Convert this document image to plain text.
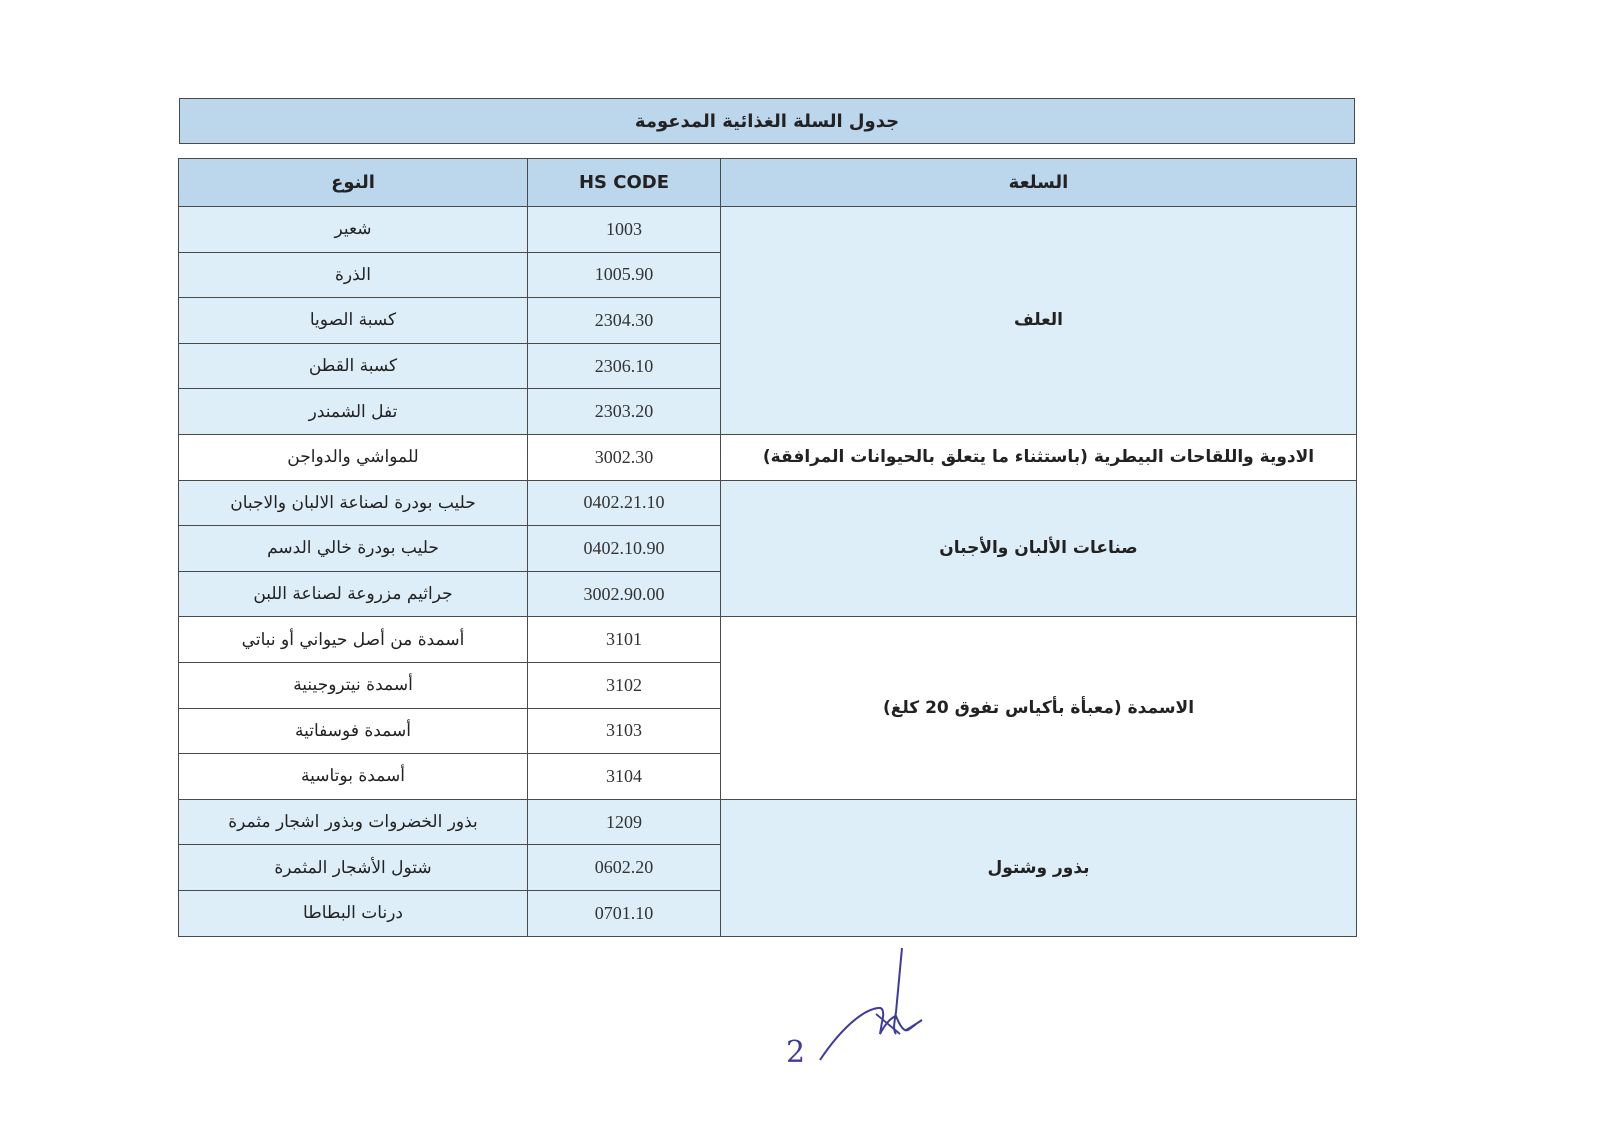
جدول السلة الغذائية المدعومة
النوع	HS CODE	السلعة
شعير	1003	العلف
الذرة	1005.90	
كسبة الصويا	2304.30	
كسبة القطن	2306.10	
تفل الشمندر	2303.20	
للمواشي والدواجن	3002.30	الادوية واللقاحات البيطرية (باستثناء ما يتعلق بالحيوانات المرافقة)
حليب بودرة لصناعة الالبان والاجبان	0402.21.10	صناعات الألبان والأجبان
حليب بودرة خالي الدسم	0402.10.90	
جراثيم مزروعة لصناعة اللبن	3002.90.00	
أسمدة من أصل حيواني أو نباتي	3101	الاسمدة (معبأة بأكياس تفوق 20 كلغ)
أسمدة نيتروجينية	3102	
أسمدة فوسفاتية	3103	
أسمدة بوتاسية	3104	
بذور الخضروات وبذور اشجار مثمرة	1209	بذور وشتول
شتول الأشجار المثمرة	0602.20	
درنات البطاطا	0701.10	
2
